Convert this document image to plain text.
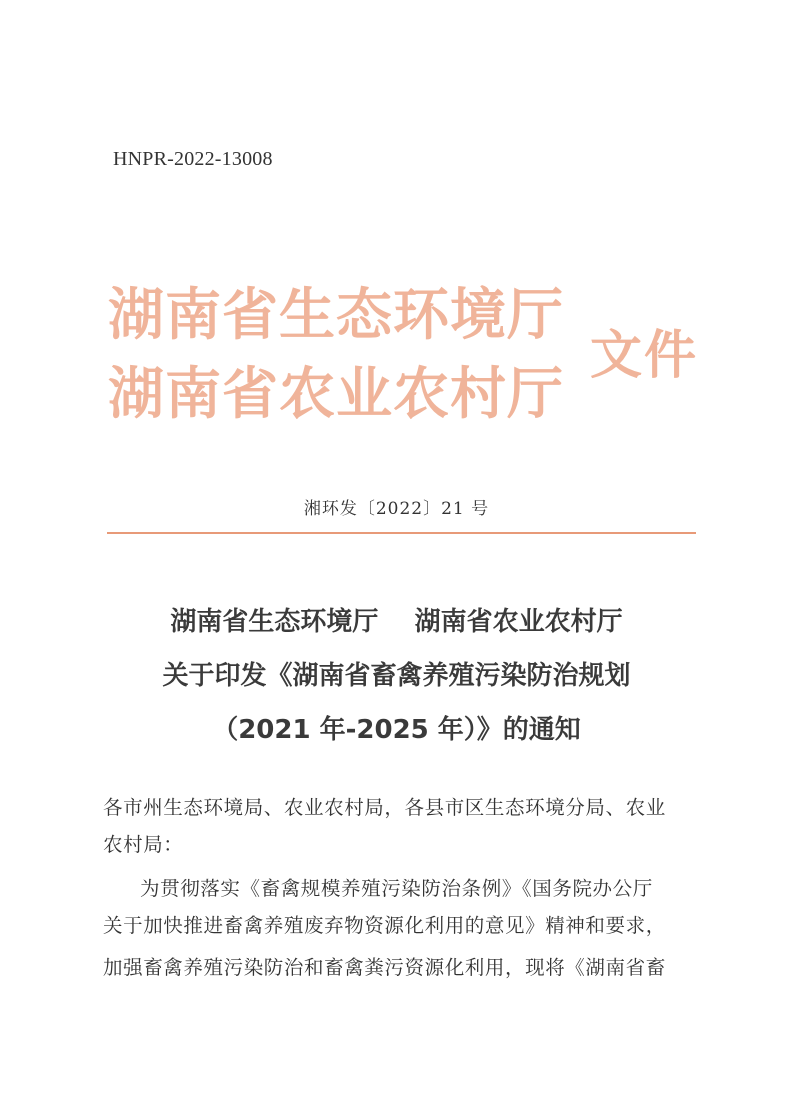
HNPR-2022-13008
湖南省生态环境厅
湖南省农业农村厅
文件
湘环发〔2022〕21 号
湖南省生态环境厅    湖南省农业农村厅
关于印发《湖南省畜禽养殖污染防治规划
（2021 年-2025 年）》的通知
各市州生态环境局、农业农村局，各县市区生态环境分局、农业
农村局：
为贯彻落实《畜禽规模养殖污染防治条例》《国务院办公厅
关于加快推进畜禽养殖废弃物资源化利用的意见》精神和要求，
加强畜禽养殖污染防治和畜禽粪污资源化利用，现将《湖南省畜
